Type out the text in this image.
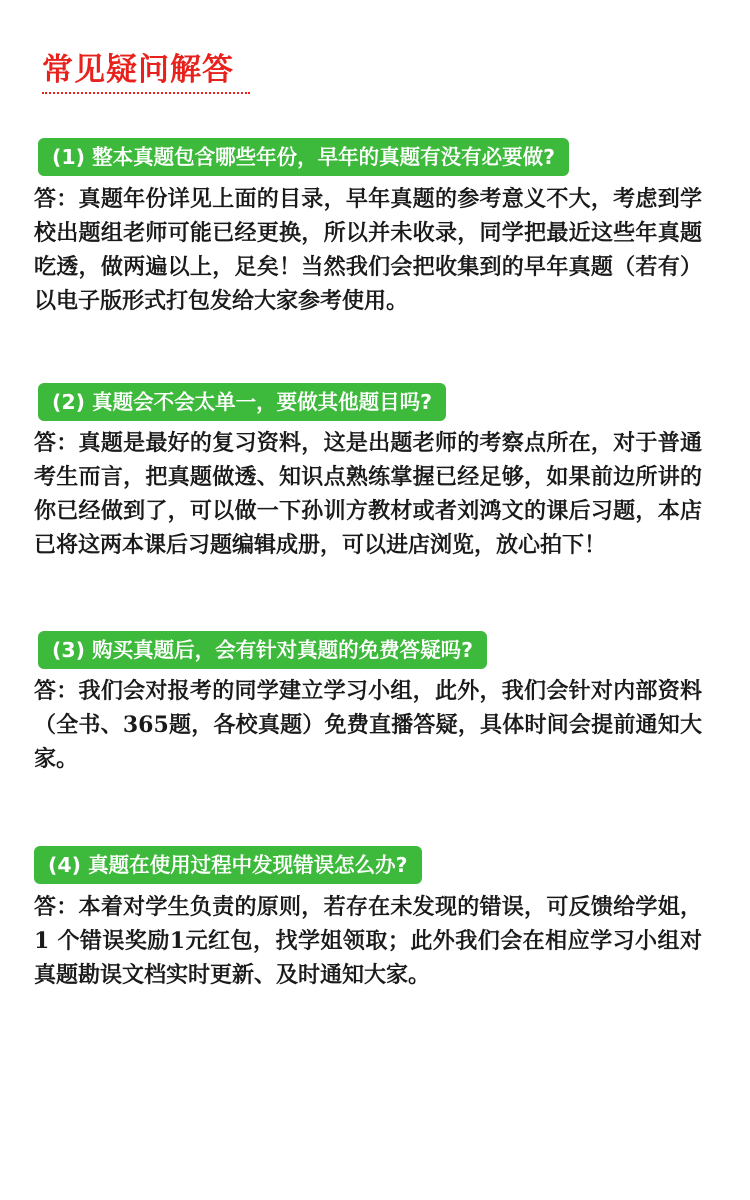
常见疑问解答
(1) 整本真题包含哪些年份，早年的真题有没有必要做?
答：真题年份详见上面的目录，早年真题的参考意义不大，考虑到学校出题组老师可能已经更换，所以并未收录，同学把最近这些年真题吃透，做两遍以上，足矣！当然我们会把收集到的早年真题（若有）以电子版形式打包发给大家参考使用。
(2) 真题会不会太单一，要做其他题目吗?
答：真题是最好的复习资料，这是出题老师的考察点所在，对于普通考生而言，把真题做透、知识点熟练掌握已经足够，如果前边所讲的你已经做到了，可以做一下孙训方教材或者刘鸿文的课后习题，本店已将这两本课后习题编辑成册，可以进店浏览，放心拍下！
(3) 购买真题后，会有针对真题的免费答疑吗?
答：我们会对报考的同学建立学习小组，此外，我们会针对内部资料（全书、365题，各校真题）免费直播答疑，具体时间会提前通知大家。
(4) 真题在使用过程中发现错误怎么办?
答：本着对学生负责的原则，若存在未发现的错误，可反馈给学姐，1 个错误奖励1元红包，找学姐领取；此外我们会在相应学习小组对真题勘误文档实时更新、及时通知大家。
